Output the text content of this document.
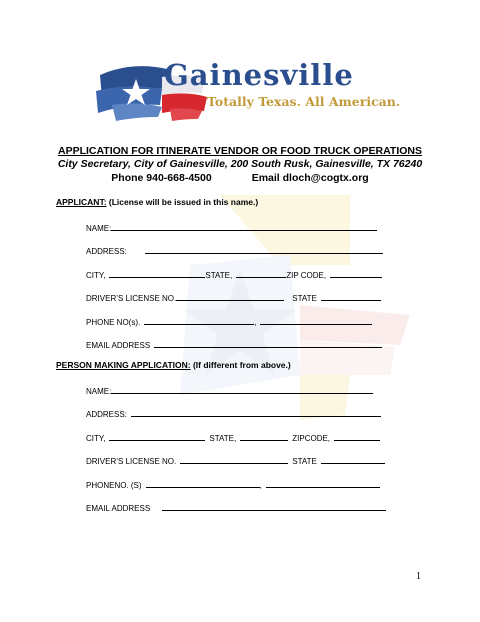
Gainesville
Totally Texas. All American.
APPLICATION FOR ITINERATE VENDOR OR FOOD TRUCK OPERATIONS
City Secretary, City of Gainesville, 200 South Rusk, Gainesville, TX 76240
Phone 940-668-4500	Email dloch@cogtx.org
APPLICANT: (License will be issued in this name.)
NAME:
ADDRESS:
CITY,	STATE,	ZIP CODE,
DRIVER’S LICENSE NO.	STATE
PHONE NO(s).	,
EMAIL ADDRESS
PERSON MAKING APPLICATION: (If different from above.)
NAME:
ADDRESS:
CITY,	STATE,	ZIPCODE,
DRIVER’S LICENSE NO.	STATE
PHONENO. (S)	,
EMAIL ADDRESS
1
